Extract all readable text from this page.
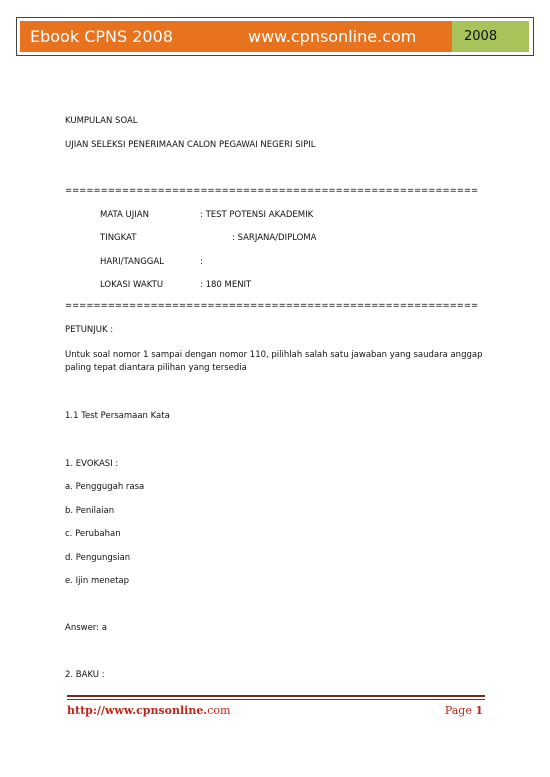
Ebook CPNS 2008	www.cpnsonline.com	2008
KUMPULAN SOAL
UJIAN SELEKSI PENERIMAAN CALON PEGAWAI NEGERI SIPIL
==========================================================
MATA UJIAN	: TEST POTENSI AKADEMIK
TINGKAT	: SARJANA/DIPLOMA
HARI/TANGGAL	:
LOKASI WAKTU	: 180 MENIT
==========================================================
PETUNJUK :
Untuk soal nomor 1 sampai dengan nomor 110, pilihlah salah satu jawaban yang saudara anggap paling tepat diantara pilihan yang tersedia
1.1 Test Persamaan Kata
1. EVOKASI :
a. Penggugah rasa
b. Penilaian
c. Perubahan
d. Pengungsian
e. Ijin menetap
Answer: a
2. BAKU :
http://www.cpnsonline.com	Page 1
